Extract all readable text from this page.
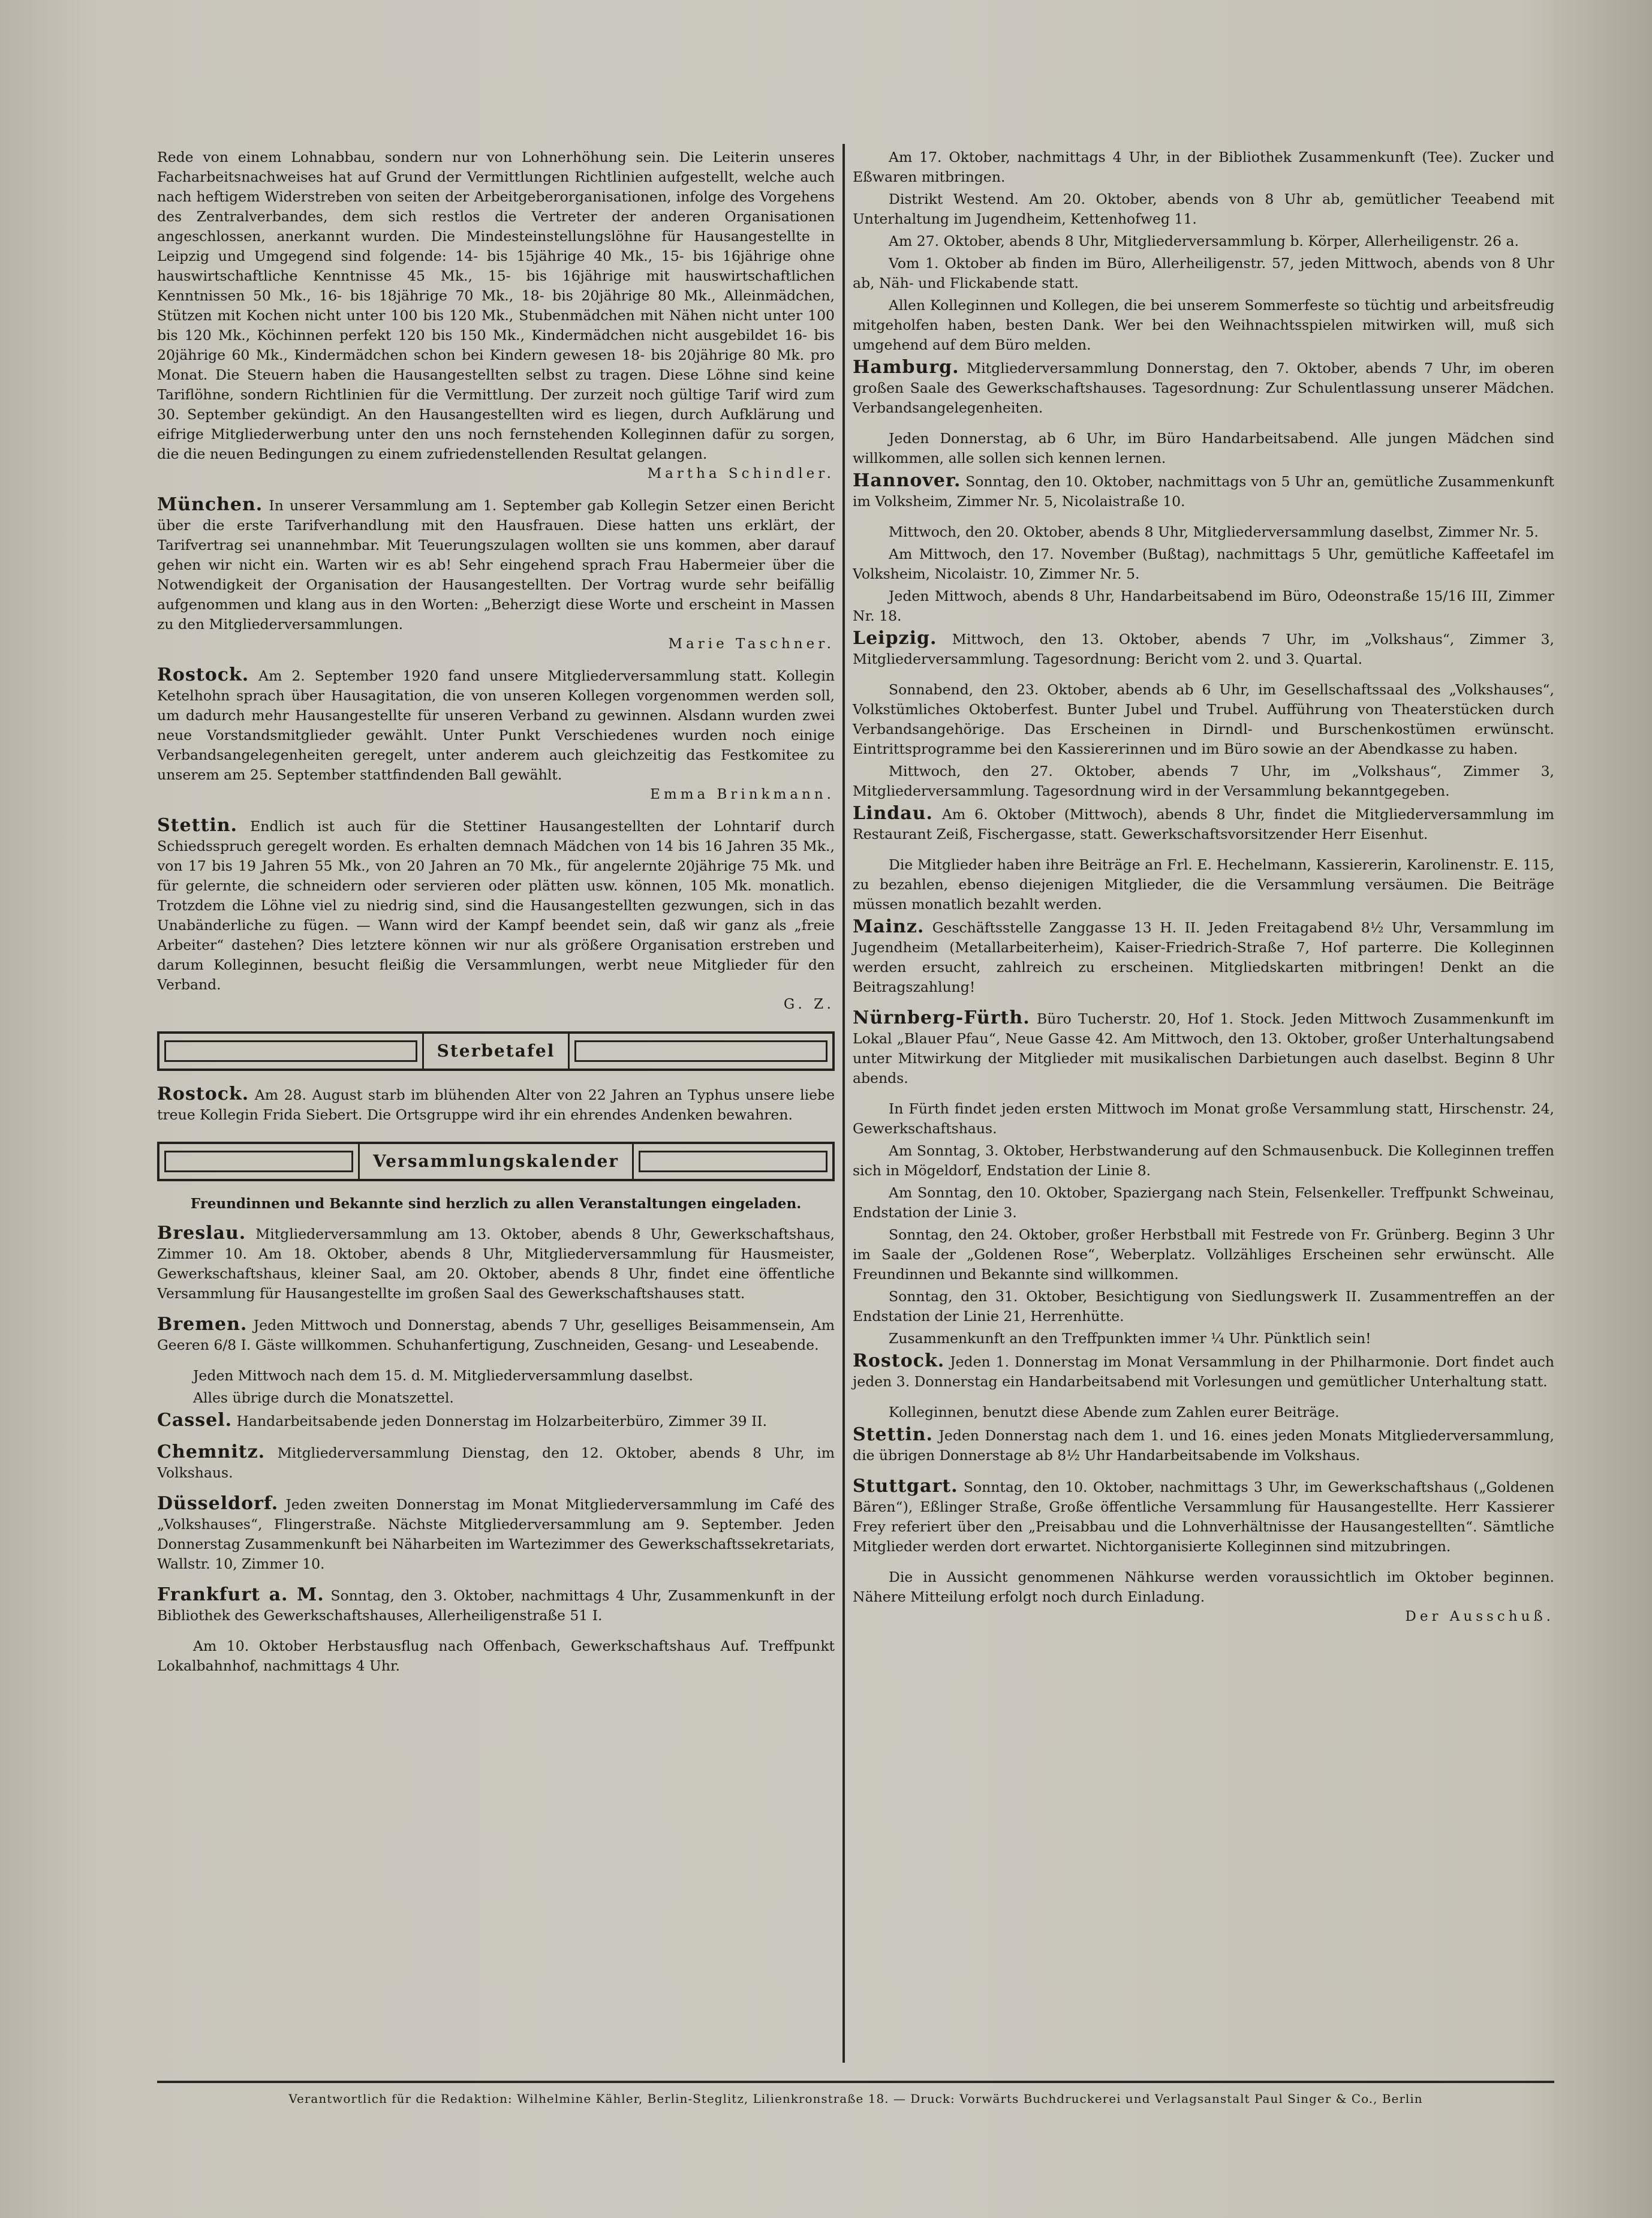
Rede von einem Lohnabbau, sondern nur von Lohnerhöhung sein. Die Leiterin unseres Facharbeitsnachweises hat auf Grund der Vermittlungen Richtlinien aufgestellt, welche auch nach heftigem Widerstreben von seiten der Arbeitgeberorganisationen, infolge des Vorgehens des Zentralverbandes, dem sich restlos die Vertreter der anderen Organisationen angeschlossen, anerkannt wurden. Die Mindesteinstellungslöhne für Hausangestellte in Leipzig und Umgegend sind folgende: 14- bis 15jährige 40 Mk., 15- bis 16jährige ohne hauswirtschaftliche Kenntnisse 45 Mk., 15- bis 16jährige mit hauswirtschaftlichen Kenntnissen 50 Mk., 16- bis 18jährige 70 Mk., 18- bis 20jährige 80 Mk., Alleinmädchen, Stützen mit Kochen nicht unter 100 bis 120 Mk., Stubenmädchen mit Nähen nicht unter 100 bis 120 Mk., Köchinnen perfekt 120 bis 150 Mk., Kindermädchen nicht ausgebildet 16- bis 20jährige 60 Mk., Kindermädchen schon bei Kindern gewesen 18- bis 20jährige 80 Mk. pro Monat. Die Steuern haben die Hausangestellten selbst zu tragen. Diese Löhne sind keine Tariflöhne, sondern Richtlinien für die Vermittlung. Der zurzeit noch gültige Tarif wird zum 30. September gekündigt. An den Hausangestellten wird es liegen, durch Aufklärung und eifrige Mitgliederwerbung unter den uns noch fernstehenden Kolleginnen dafür zu sorgen, die die neuen Bedingungen zu einem zufriedenstellenden Resultat gelangen.
Martha Schindler.

München. In unserer Versammlung am 1. September gab Kollegin Setzer einen Bericht über die erste Tarifverhandlung mit den Hausfrauen. Diese hatten uns erklärt, der Tarifvertrag sei unannehmbar. Mit Teuerungszulagen wollten sie uns kommen, aber darauf gehen wir nicht ein. Warten wir es ab! Sehr eingehend sprach Frau Habermeier über die Notwendigkeit der Organisation der Hausangestellten. Der Vortrag wurde sehr beifällig aufgenommen und klang aus in den Worten: „Beherzigt diese Worte und erscheint in Massen zu den Mitgliederversammlungen.
Marie Taschner.

Rostock. Am 2. September 1920 fand unsere Mitgliederversammlung statt. Kollegin Ketelhohn sprach über Hausagitation, die von unseren Kollegen vorgenommen werden soll, um dadurch mehr Hausangestellte für unseren Verband zu gewinnen. Alsdann wurden zwei neue Vorstandsmitglieder gewählt. Unter Punkt Verschiedenes wurden noch einige Verbandsangelegenheiten geregelt, unter anderem auch gleichzeitig das Festkomitee zu unserem am 25. September stattfindenden Ball gewählt.
Emma Brinkmann.

Stettin. Endlich ist auch für die Stettiner Hausangestellten der Lohntarif durch Schiedsspruch geregelt worden. Es erhalten demnach Mädchen von 14 bis 16 Jahren 35 Mk., von 17 bis 19 Jahren 55 Mk., von 20 Jahren an 70 Mk., für angelernte 20jährige 75 Mk. und für gelernte, die schneidern oder servieren oder plätten usw. können, 105 Mk. monatlich. Trotzdem die Löhne viel zu niedrig sind, sind die Hausangestellten gezwungen, sich in das Unabänderliche zu fügen. — Wann wird der Kampf beendet sein, daß wir ganz als „freie Arbeiter“ dastehen? Dies letztere können wir nur als größere Organisation erstreben und darum Kolleginnen, besucht fleißig die Versammlungen, werbt neue Mitglieder für den Verband.
G. Z.

Sterbetafel

Rostock. Am 28. August starb im blühenden Alter von 22 Jahren an Typhus unsere liebe treue Kollegin Frida Siebert. Die Ortsgruppe wird ihr ein ehrendes Andenken bewahren.

Versammlungskalender

Freundinnen und Bekannte sind herzlich zu allen Veranstaltungen eingeladen.

Breslau. Mitgliederversammlung am 13. Oktober, abends 8 Uhr, Gewerkschaftshaus, Zimmer 10. Am 18. Oktober, abends 8 Uhr, Mitgliederversammlung für Hausmeister, Gewerkschaftshaus, kleiner Saal, am 20. Oktober, abends 8 Uhr, findet eine öffentliche Versammlung für Hausangestellte im großen Saal des Gewerkschaftshauses statt.

Bremen. Jeden Mittwoch und Donnerstag, abends 7 Uhr, geselliges Beisammensein, Am Geeren 6/8 I. Gäste willkommen. Schuhanfertigung, Zuschneiden, Gesang- und Leseabende.

Jeden Mittwoch nach dem 15. d. M. Mitgliederversammlung daselbst.

Alles übrige durch die Monatszettel.

Cassel. Handarbeitsabende jeden Donnerstag im Holzarbeiterbüro, Zimmer 39 II.

Chemnitz. Mitgliederversammlung Dienstag, den 12. Oktober, abends 8 Uhr, im Volkshaus.

Düsseldorf. Jeden zweiten Donnerstag im Monat Mitgliederversammlung im Café des „Volkshauses“, Flingerstraße. Nächste Mitgliederversammlung am 9. September. Jeden Donnerstag Zusammenkunft bei Näharbeiten im Wartezimmer des Gewerkschaftssekretariats, Wallstr. 10, Zimmer 10.

Frankfurt a. M. Sonntag, den 3. Oktober, nachmittags 4 Uhr, Zusammenkunft in der Bibliothek des Gewerkschaftshauses, Allerheiligenstraße 51 I.

Am 10. Oktober Herbstausflug nach Offenbach, Gewerkschaftshaus Auf. Treffpunkt Lokalbahnhof, nachmittags 4 Uhr.

Am 17. Oktober, nachmittags 4 Uhr, in der Bibliothek Zusammenkunft (Tee). Zucker und Eßwaren mitbringen.

Distrikt Westend. Am 20. Oktober, abends von 8 Uhr ab, gemütlicher Teeabend mit Unterhaltung im Jugendheim, Kettenhofweg 11.

Am 27. Oktober, abends 8 Uhr, Mitgliederversammlung b. Körper, Allerheiligenstr. 26 a.

Vom 1. Oktober ab finden im Büro, Allerheiligenstr. 57, jeden Mittwoch, abends von 8 Uhr ab, Näh- und Flickabende statt.

Allen Kolleginnen und Kollegen, die bei unserem Sommerfeste so tüchtig und arbeitsfreudig mitgeholfen haben, besten Dank. Wer bei den Weihnachtsspielen mitwirken will, muß sich umgehend auf dem Büro melden.

Hamburg. Mitgliederversammlung Donnerstag, den 7. Oktober, abends 7 Uhr, im oberen großen Saale des Gewerkschaftshauses. Tagesordnung: Zur Schulentlassung unserer Mädchen. Verbandsangelegenheiten.

Jeden Donnerstag, ab 6 Uhr, im Büro Handarbeitsabend. Alle jungen Mädchen sind willkommen, alle sollen sich kennen lernen.

Hannover. Sonntag, den 10. Oktober, nachmittags von 5 Uhr an, gemütliche Zusammenkunft im Volksheim, Zimmer Nr. 5, Nicolaistraße 10.

Mittwoch, den 20. Oktober, abends 8 Uhr, Mitgliederversammlung daselbst, Zimmer Nr. 5.

Am Mittwoch, den 17. November (Bußtag), nachmittags 5 Uhr, gemütliche Kaffeetafel im Volksheim, Nicolaistr. 10, Zimmer Nr. 5.

Jeden Mittwoch, abends 8 Uhr, Handarbeitsabend im Büro, Odeonstraße 15/16 III, Zimmer Nr. 18.

Leipzig. Mittwoch, den 13. Oktober, abends 7 Uhr, im „Volkshaus“, Zimmer 3, Mitgliederversammlung. Tagesordnung: Bericht vom 2. und 3. Quartal.

Sonnabend, den 23. Oktober, abends ab 6 Uhr, im Gesellschaftssaal des „Volkshauses“, Volkstümliches Oktoberfest. Bunter Jubel und Trubel. Aufführung von Theaterstücken durch Verbandsangehörige. Das Erscheinen in Dirndl- und Burschenkostümen erwünscht. Eintrittsprogramme bei den Kassiererinnen und im Büro sowie an der Abendkasse zu haben.

Mittwoch, den 27. Oktober, abends 7 Uhr, im „Volkshaus“, Zimmer 3, Mitgliederversammlung. Tagesordnung wird in der Versammlung bekanntgegeben.

Lindau. Am 6. Oktober (Mittwoch), abends 8 Uhr, findet die Mitgliederversammlung im Restaurant Zeiß, Fischergasse, statt. Gewerkschaftsvorsitzender Herr Eisenhut.

Die Mitglieder haben ihre Beiträge an Frl. E. Hechelmann, Kassiererin, Karolinenstr. E. 115, zu bezahlen, ebenso diejenigen Mitglieder, die die Versammlung versäumen. Die Beiträge müssen monatlich bezahlt werden.

Mainz. Geschäftsstelle Zanggasse 13 H. II. Jeden Freitagabend 8½ Uhr, Versammlung im Jugendheim (Metallarbeiterheim), Kaiser-Friedrich-Straße 7, Hof parterre. Die Kolleginnen werden ersucht, zahlreich zu erscheinen. Mitgliedskarten mitbringen! Denkt an die Beitragszahlung!

Nürnberg-Fürth. Büro Tucherstr. 20, Hof 1. Stock. Jeden Mittwoch Zusammenkunft im Lokal „Blauer Pfau“, Neue Gasse 42. Am Mittwoch, den 13. Oktober, großer Unterhaltungsabend unter Mitwirkung der Mitglieder mit musikalischen Darbietungen auch daselbst. Beginn 8 Uhr abends.

In Fürth findet jeden ersten Mittwoch im Monat große Versammlung statt, Hirschenstr. 24, Gewerkschaftshaus.

Am Sonntag, 3. Oktober, Herbstwanderung auf den Schmausenbuck. Die Kolleginnen treffen sich in Mögeldorf, Endstation der Linie 8.

Am Sonntag, den 10. Oktober, Spaziergang nach Stein, Felsenkeller. Treffpunkt Schweinau, Endstation der Linie 3.

Sonntag, den 24. Oktober, großer Herbstball mit Festrede von Fr. Grünberg. Beginn 3 Uhr im Saale der „Goldenen Rose“, Weberplatz. Vollzähliges Erscheinen sehr erwünscht. Alle Freundinnen und Bekannte sind willkommen.

Sonntag, den 31. Oktober, Besichtigung von Siedlungswerk II. Zusammentreffen an der Endstation der Linie 21, Herrenhütte.

Zusammenkunft an den Treffpunkten immer ¼ Uhr. Pünktlich sein!

Rostock. Jeden 1. Donnerstag im Monat Versammlung in der Philharmonie. Dort findet auch jeden 3. Donnerstag ein Handarbeitsabend mit Vorlesungen und gemütlicher Unterhaltung statt.

Kolleginnen, benutzt diese Abende zum Zahlen eurer Beiträge.

Stettin. Jeden Donnerstag nach dem 1. und 16. eines jeden Monats Mitgliederversammlung, die übrigen Donnerstage ab 8½ Uhr Handarbeitsabende im Volkshaus.

Stuttgart. Sonntag, den 10. Oktober, nachmittags 3 Uhr, im Gewerkschaftshaus („Goldenen Bären“), Eßlinger Straße, Große öffentliche Versammlung für Hausangestellte. Herr Kassierer Frey referiert über den „Preisabbau und die Lohnverhältnisse der Hausangestellten“. Sämtliche Mitglieder werden dort erwartet. Nichtorganisierte Kolleginnen sind mitzubringen.

Die in Aussicht genommenen Nähkurse werden voraussichtlich im Oktober beginnen. Nähere Mitteilung erfolgt noch durch Einladung.
Der Ausschuß.

Verantwortlich für die Redaktion: Wilhelmine Kähler, Berlin-Steglitz, Lilienkronstraße 18. — Druck: Vorwärts Buchdruckerei und Verlagsanstalt Paul Singer & Co., Berlin
